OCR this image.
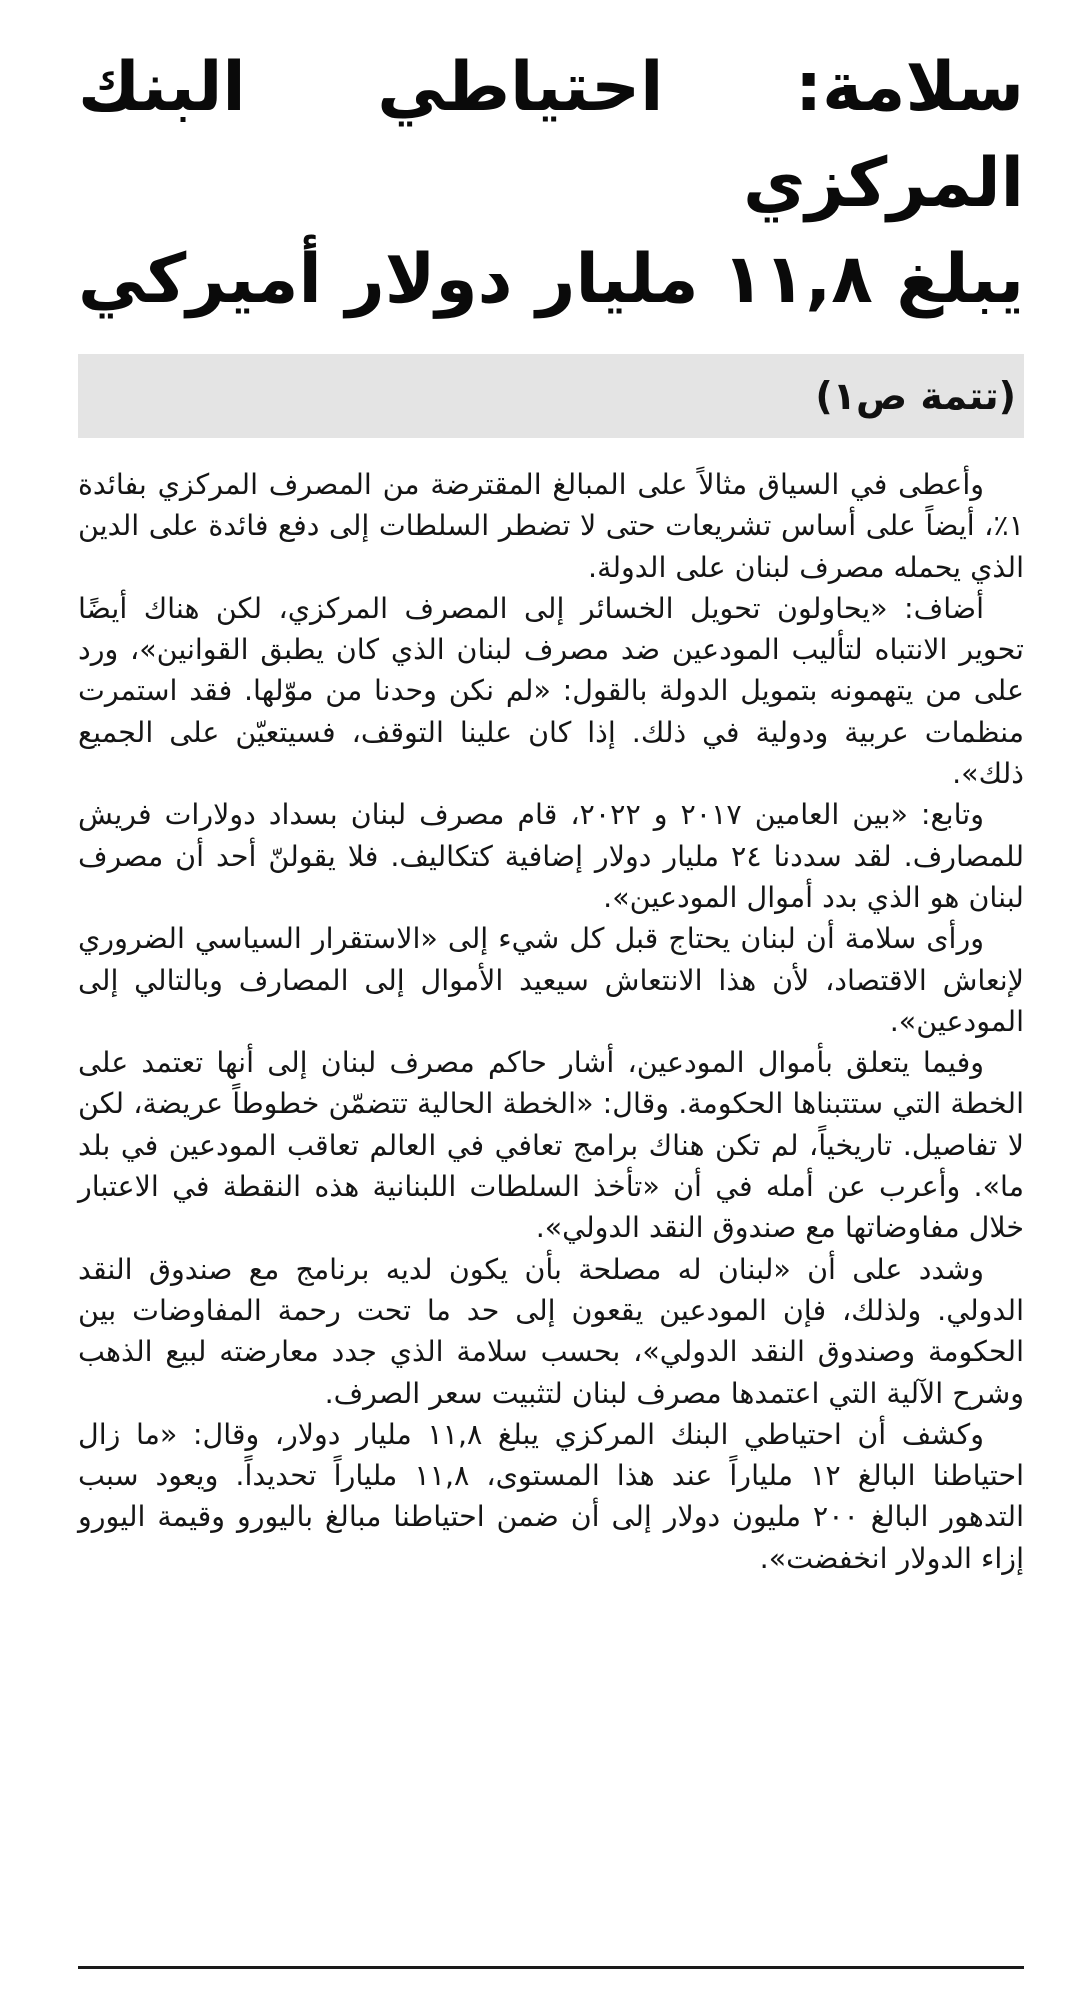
سلامة: احتياطي البنك المركزي
يبلغ ١١,٨ مليار دولار أميركي
(تتمة ص١)

وأعطى في السياق مثالاً على المبالغ المقترضة من المصرف المركزي بفائدة ١٪، أيضاً على أساس تشريعات حتى لا تضطر السلطات إلى دفع فائدة على الدين الذي يحمله مصرف لبنان على الدولة.

أضاف: «يحاولون تحويل الخسائر إلى المصرف المركزي، لكن هناك أيضًا تحوير الانتباه لتأليب المودعين ضد مصرف لبنان الذي كان يطبق القوانين»، ورد على من يتهمونه بتمويل الدولة بالقول: «لم نكن وحدنا من موّلها. فقد استمرت منظمات عربية ودولية في ذلك. إذا كان علينا التوقف، فسيتعيّن على الجميع ذلك».

وتابع: «بين العامين ٢٠١٧ و ٢٠٢٢، قام مصرف لبنان بسداد دولارات فريش للمصارف. لقد سددنا ٢٤ مليار دولار إضافية كتكاليف. فلا يقولنّ أحد أن مصرف لبنان هو الذي بدد أموال المودعين».

ورأى سلامة أن لبنان يحتاج قبل كل شيء إلى «الاستقرار السياسي الضروري لإنعاش الاقتصاد، لأن هذا الانتعاش سيعيد الأموال إلى المصارف وبالتالي إلى المودعين».

وفيما يتعلق بأموال المودعين، أشار حاكم مصرف لبنان إلى أنها تعتمد على الخطة التي ستتبناها الحكومة. وقال: «الخطة الحالية تتضمّن خطوطاً عريضة، لكن لا تفاصيل. تاريخياً، لم تكن هناك برامج تعافي في العالم تعاقب المودعين في بلد ما». وأعرب عن أمله في أن «تأخذ السلطات اللبنانية هذه النقطة في الاعتبار خلال مفاوضاتها مع صندوق النقد الدولي».

وشدد على أن «لبنان له مصلحة بأن يكون لديه برنامج مع صندوق النقد الدولي. ولذلك، فإن المودعين يقعون إلى حد ما تحت رحمة المفاوضات بين الحكومة وصندوق النقد الدولي»، بحسب سلامة الذي جدد معارضته لبيع الذهب وشرح الآلية التي اعتمدها مصرف لبنان لتثبيت سعر الصرف.

وكشف أن احتياطي البنك المركزي يبلغ ١١,٨ مليار دولار، وقال: «ما زال احتياطنا البالغ ١٢ ملياراً عند هذا المستوى، ١١,٨ ملياراً تحديداً. ويعود سبب التدهور البالغ ٢٠٠ مليون دولار إلى أن ضمن احتياطنا مبالغ باليورو وقيمة اليورو إزاء الدولار انخفضت».
